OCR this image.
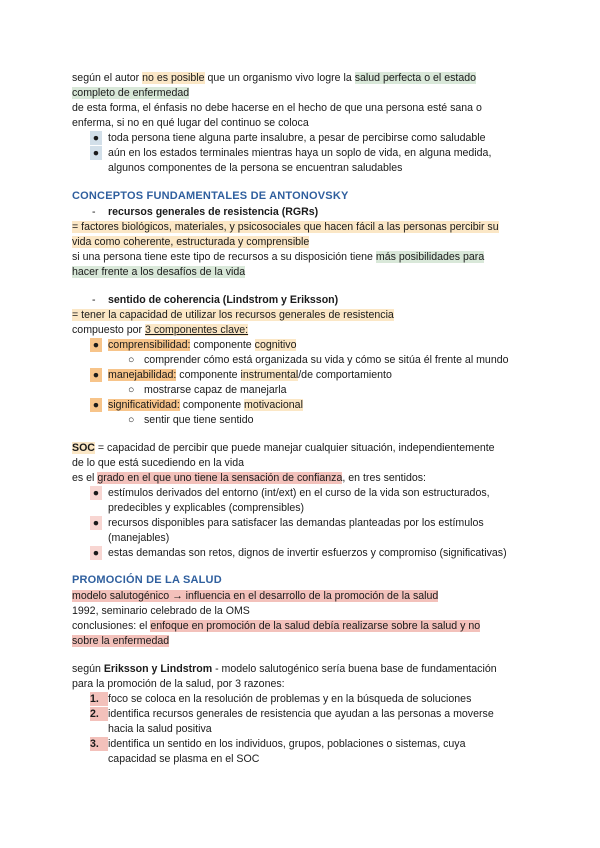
según el autor no es posible que un organismo vivo logre la salud perfecta o el estado
completo de enfermedad
de esta forma, el énfasis no debe hacerse en el hecho de que una persona esté sana o
enferma, si no en qué lugar del continuo se coloca
● toda persona tiene alguna parte insalubre, a pesar de percibirse como saludable
● aún en los estados terminales mientras haya un soplo de vida, en alguna medida,
algunos componentes de la persona se encuentran saludables
CONCEPTOS FUNDAMENTALES DE ANTONOVSKY
- recursos generales de resistencia (RGRs)
= factores biológicos, materiales, y psicosociales que hacen fácil a las personas percibir su
vida como coherente, estructurada y comprensible
si una persona tiene este tipo de recursos a su disposición tiene más posibilidades para
hacer frente a los desafíos de la vida
- sentido de coherencia (Lindstrom y Eriksson)
= tener la capacidad de utilizar los recursos generales de resistencia
compuesto por 3 componentes clave:
● comprensibilidad: componente cognitivo
○ comprender cómo está organizada su vida y cómo se sitúa él frente al mundo
● manejabilidad: componente instrumental/de comportamiento
○ mostrarse capaz de manejarla
● significatividad: componente motivacional
○ sentir que tiene sentido
SOC = capacidad de percibir que puede manejar cualquier situación, independientemente
de lo que está sucediendo en la vida
es el grado en el que uno tiene la sensación de confianza, en tres sentidos:
● estímulos derivados del entorno (int/ext) en el curso de la vida son estructurados,
predecibles y explicables (comprensibles)
● recursos disponibles para satisfacer las demandas planteadas por los estímulos
(manejables)
● estas demandas son retos, dignos de invertir esfuerzos y compromiso (significativas)
PROMOCIÓN DE LA SALUD
modelo salutogénico → influencia en el desarrollo de la promoción de la salud
1992, seminario celebrado de la OMS
conclusiones: el enfoque en promoción de la salud debía realizarse sobre la salud y no
sobre la enfermedad
según Eriksson y Lindstrom - modelo salutogénico sería buena base de fundamentación
para la promoción de la salud, por 3 razones:
1. foco se coloca en la resolución de problemas y en la búsqueda de soluciones
2. identifica recursos generales de resistencia que ayudan a las personas a moverse
hacia la salud positiva
3. identifica un sentido en los individuos, grupos, poblaciones o sistemas, cuya
capacidad se plasma en el SOC
